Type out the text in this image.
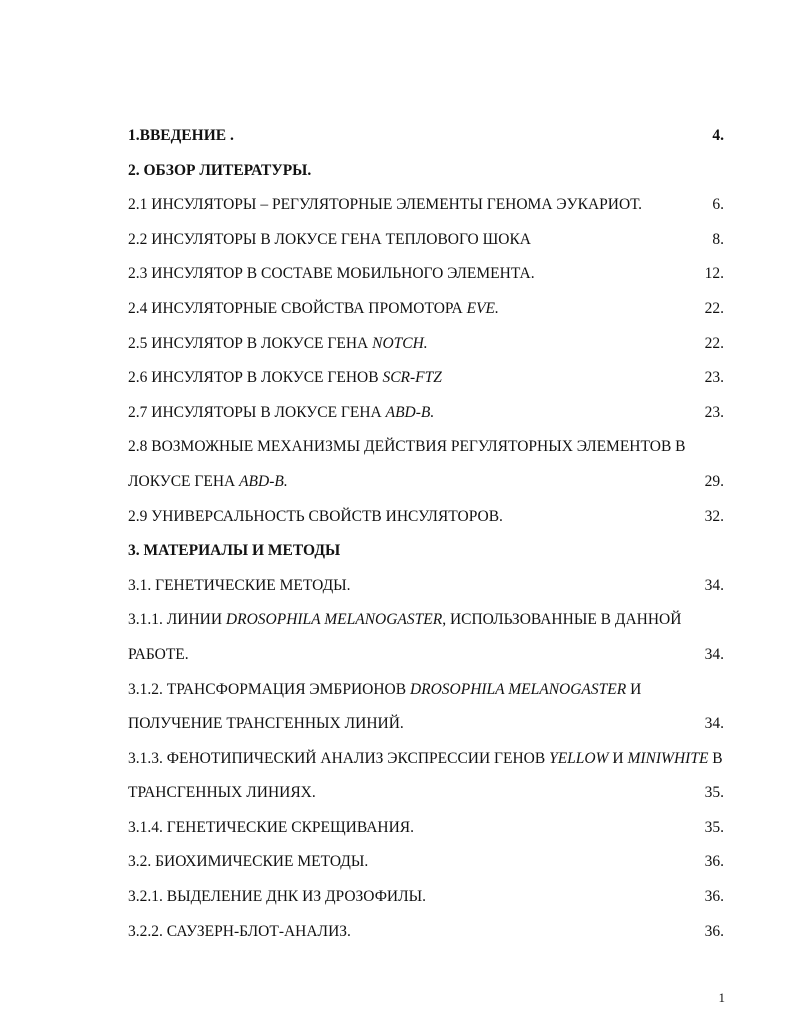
1.ВВЕДЕНИЕ .	4.
2. ОБЗОР ЛИТЕРАТУРЫ.
2.1 ИНСУЛЯТОРЫ – РЕГУЛЯТОРНЫЕ ЭЛЕМЕНТЫ ГЕНОМА ЭУКАРИОТ.	6.
2.2 ИНСУЛЯТОРЫ В ЛОКУСЕ ГЕНА ТЕПЛОВОГО ШОКА	8.
2.3 ИНСУЛЯТОР В СОСТАВЕ МОБИЛЬНОГО ЭЛЕМЕНТА.	12.
2.4 ИНСУЛЯТОРНЫЕ СВОЙСТВА ПРОМОТОРА EVE.	22.
2.5 ИНСУЛЯТОР В ЛОКУСЕ ГЕНА NOTCH.	22.
2.6 ИНСУЛЯТОР В ЛОКУСЕ ГЕНОВ SCR-FTZ	23.
2.7 ИНСУЛЯТОРЫ В ЛОКУСЕ ГЕНА ABD-B.	23.
2.8 ВОЗМОЖНЫЕ МЕХАНИЗМЫ ДЕЙСТВИЯ РЕГУЛЯТОРНЫХ ЭЛЕМЕНТОВ В
ЛОКУСЕ ГЕНА ABD-B.	29.
2.9 УНИВЕРСАЛЬНОСТЬ СВОЙСТВ ИНСУЛЯТОРОВ.	32.
3. МАТЕРИАЛЫ И МЕТОДЫ
3.1. ГЕНЕТИЧЕСКИЕ МЕТОДЫ.	34.
3.1.1. ЛИНИИ DROSOPHILA MELANOGASTER, ИСПОЛЬЗОВАННЫЕ В ДАННОЙ
РАБОТЕ.	34.
3.1.2. ТРАНСФОРМАЦИЯ ЭМБРИОНОВ DROSOPHILA MELANOGASTER И
ПОЛУЧЕНИЕ ТРАНСГЕННЫХ ЛИНИЙ.	34.
3.1.3. ФЕНОТИПИЧЕСКИЙ АНАЛИЗ ЭКСПРЕССИИ ГЕНОВ YELLOW И MINIWHITE В
ТРАНСГЕННЫХ ЛИНИЯХ.	35.
3.1.4. ГЕНЕТИЧЕСКИЕ СКРЕЩИВАНИЯ.	35.
3.2. БИОХИМИЧЕСКИЕ МЕТОДЫ.	36.
3.2.1. ВЫДЕЛЕНИЕ ДНК ИЗ ДРОЗОФИЛЫ.	36.
3.2.2. САУЗЕРН-БЛОТ-АНАЛИЗ.	36.
1
